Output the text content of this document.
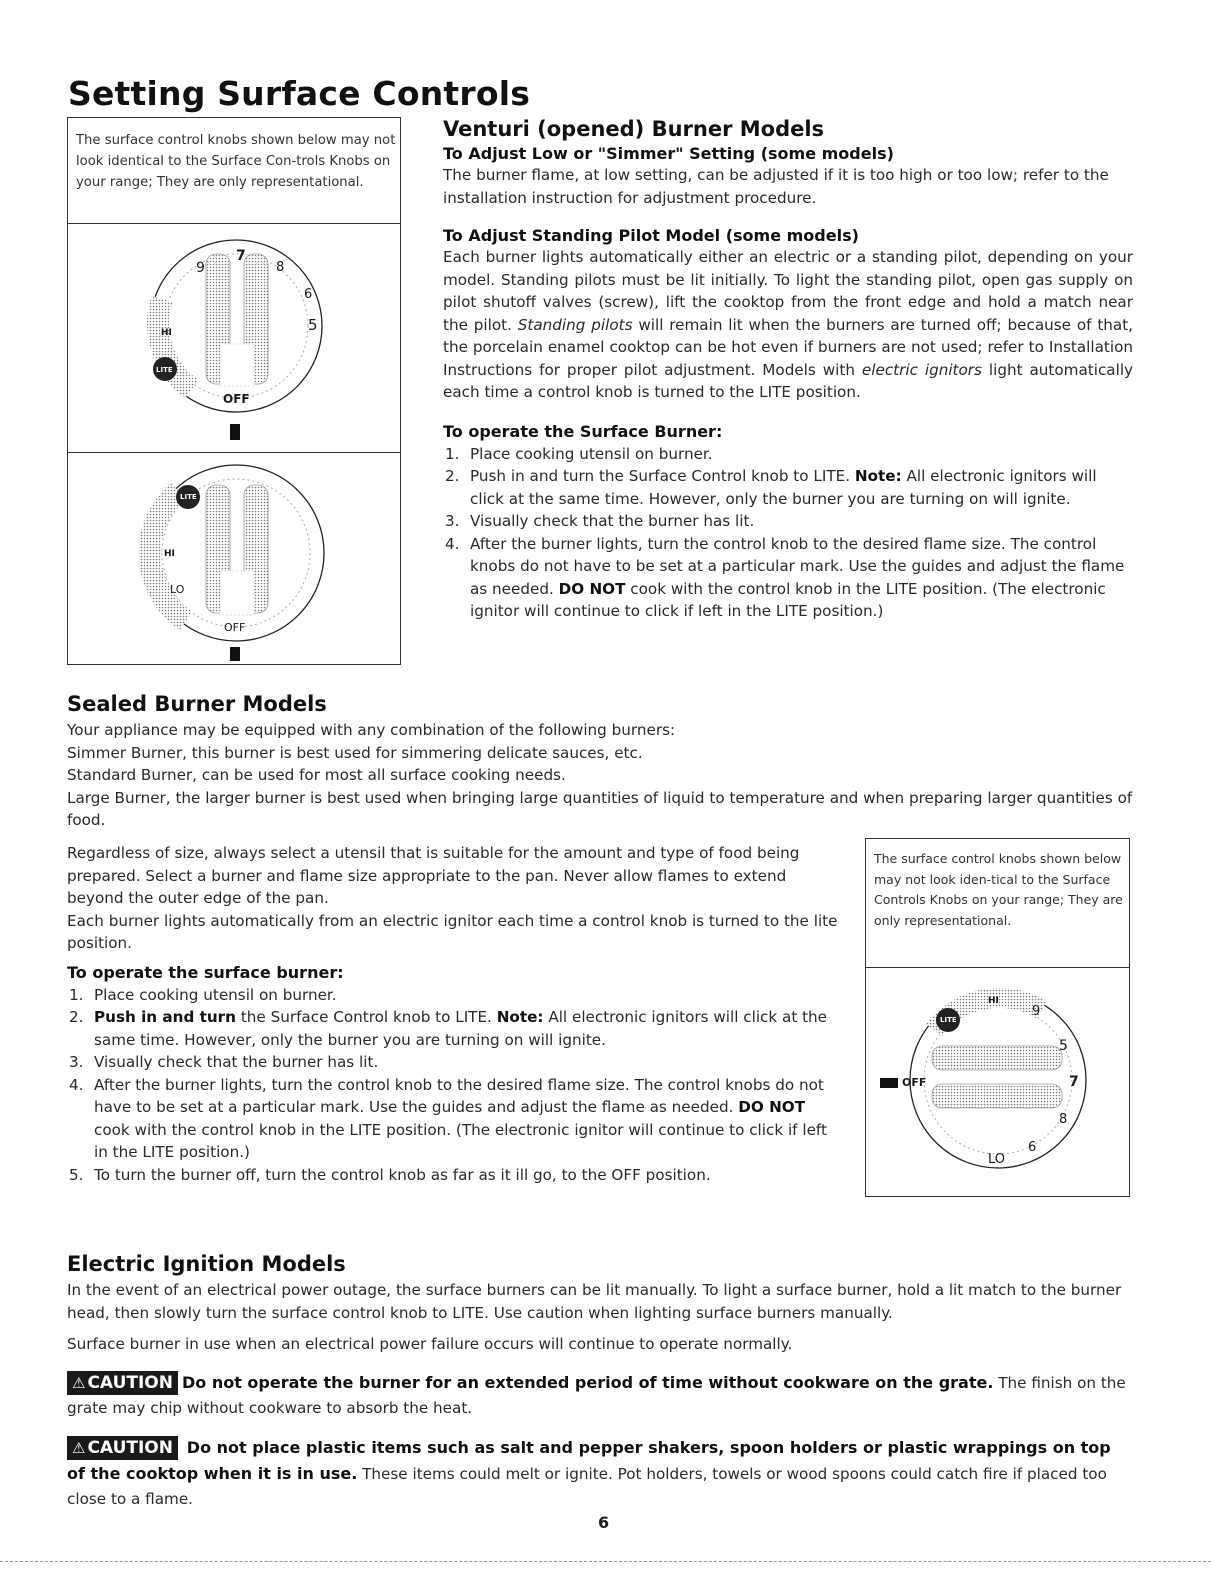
Setting Surface Controls

The surface control knobs shown below may not look identical to the Surface Con-trols Knobs on your range; They are only representational.

9
7
8
6
HI
LITE
5
OFF
LITE
HI
LO
OFF
Venturi (opened) Burner Models
To Adjust Low or "Simmer" Setting (some models)

The burner flame, at low setting, can be adjusted if it is too high or too low; refer to the installation instruction for adjustment procedure.

To Adjust Standing Pilot Model (some models)

Each burner lights automatically either an electric or a standing pilot, depending on your model. Standing pilots must be lit initially. To light the standing pilot, open gas supply on pilot shutoff valves (screw), lift the cooktop from the front edge and hold a match near the pilot. Standing pilots will remain lit when the burners are turned off; because of that, the porcelain enamel cooktop can be hot even if burners are not used; refer to Installation Instructions for proper pilot adjustment. Models with electric ignitors light automatically each time a control knob is turned to the LITE position.

To operate the Surface Burner:
1. Place cooking utensil on burner.
2. Push in and turn the Surface Control knob to LITE. Note: All electronic ignitors will click at the same time. However, only the burner you are turning on will ignite.
3. Visually check that the burner has lit.
4. After the burner lights, turn the control knob to the desired flame size. The control knobs do not have to be set at a particular mark. Use the guides and adjust the flame as needed. DO NOT cook with the control knob in the LITE position. (The electronic ignitor will continue to click if left in the LITE position.)
Sealed Burner Models

Your appliance may be equipped with any combination of the following burners:

Simmer Burner, this burner is best used for simmering delicate sauces, etc.

Standard Burner, can be used for most all surface cooking needs.

Large Burner, the larger burner is best used when bringing large quantities of liquid to temperature and when preparing larger quantities of food.

Regardless of size, always select a utensil that is suitable for the amount and type of food being prepared. Select a burner and flame size appropriate to the pan. Never allow flames to extend beyond the outer edge of the pan.

Each burner lights automatically from an electric ignitor each time a control knob is turned to the lite position.

To operate the surface burner:
1. Place cooking utensil on burner.
2. Push in and turn the Surface Control knob to LITE. Note: All electronic ignitors will click at the same time. However, only the burner you are turning on will ignite.
3. Visually check that the burner has lit.
4. After the burner lights, turn the control knob to the desired flame size. The control knobs do not have to be set at a particular mark. Use the guides and adjust the flame as needed. DO NOT cook with the control knob in the LITE position. (The electronic ignitor will continue to click if left in the LITE position.)
5. To turn the burner off, turn the control knob as far as it ill go, to the OFF position.

The surface control knobs shown below may not look iden-tical to the Surface Controls Knobs on your range; They are only representational.

LITE
HI
9
5
7
8
6
LO
OFF
Electric Ignition Models

In the event of an electrical power outage, the surface burners can be lit manually. To light a surface burner, hold a lit match to the burner head, then slowly turn the surface control knob to LITE. Use caution when lighting surface burners manually.

Surface burner in use when an electrical power failure occurs will continue to operate normally.

⚠ CAUTION Do not operate the burner for an extended period of time without cookware on the grate. The finish on the grate may chip without cookware to absorb the heat.

⚠ CAUTION Do not place plastic items such as salt and pepper shakers, spoon holders or plastic wrappings on top of the cooktop when it is in use. These items could melt or ignite. Pot holders, towels or wood spoons could catch fire if placed too close to a flame.

6
